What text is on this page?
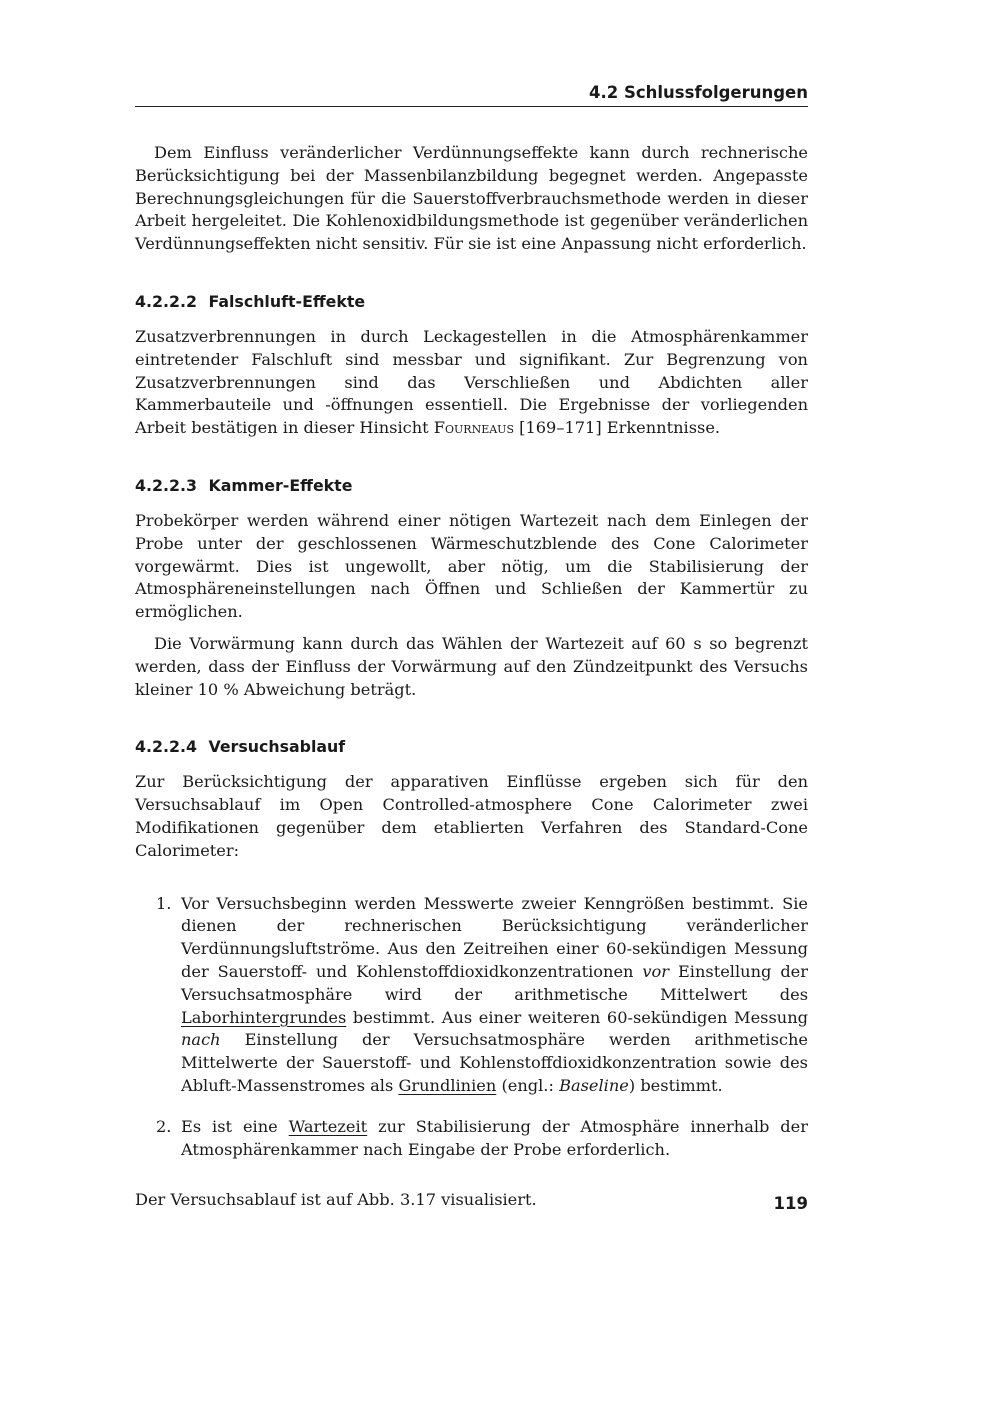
4.2 Schlussfolgerungen

Dem Einfluss veränderlicher Verdünnungseffekte kann durch rechnerische Berücksichtigung bei der Massenbilanzbildung begegnet werden. Angepasste Berechnungsgleichungen für die Sauerstoffverbrauchsmethode werden in dieser Arbeit hergeleitet. Die Kohlenoxidbildungsmethode ist gegenüber veränderlichen Verdünnungseffekten nicht sensitiv. Für sie ist eine Anpassung nicht erforderlich.

4.2.2.2 Falschluft-Effekte

Zusatzverbrennungen in durch Leckagestellen in die Atmosphärenkammer eintretender Falschluft sind messbar und signifikant. Zur Begrenzung von Zusatzverbrennungen sind das Verschließen und Abdichten aller Kammerbauteile und -öffnungen essentiell. Die Ergebnisse der vorliegenden Arbeit bestätigen in dieser Hinsicht Fourneaus [169–171] Erkenntnisse.

4.2.2.3 Kammer-Effekte

Probekörper werden während einer nötigen Wartezeit nach dem Einlegen der Probe unter der geschlossenen Wärmeschutzblende des Cone Calorimeter vorgewärmt. Dies ist ungewollt, aber nötig, um die Stabilisierung der Atmosphäreneinstellungen nach Öffnen und Schließen der Kammertür zu ermöglichen.

Die Vorwärmung kann durch das Wählen der Wartezeit auf 60 s so begrenzt werden, dass der Einfluss der Vorwärmung auf den Zündzeitpunkt des Versuchs kleiner 10 % Abweichung beträgt.

4.2.2.4 Versuchsablauf

Zur Berücksichtigung der apparativen Einflüsse ergeben sich für den Versuchsablauf im Open Controlled-atmosphere Cone Calorimeter zwei Modifikationen gegenüber dem etablierten Verfahren des Standard-Cone Calorimeter:

1. Vor Versuchsbeginn werden Messwerte zweier Kenngrößen bestimmt. Sie dienen der rechnerischen Berücksichtigung veränderlicher Verdünnungsluftströme. Aus den Zeitreihen einer 60-sekündigen Messung der Sauerstoff- und Kohlenstoffdioxidkonzentrationen vor Einstellung der Versuchsatmosphäre wird der arithmetische Mittelwert des Laborhintergrundes bestimmt. Aus einer weiteren 60-sekündigen Messung nach Einstellung der Versuchsatmosphäre werden arithmetische Mittelwerte der Sauerstoff- und Kohlenstoffdioxidkonzentration sowie des Abluft-Massenstromes als Grundlinien (engl.: Baseline) bestimmt.
2. Es ist eine Wartezeit zur Stabilisierung der Atmosphäre innerhalb der Atmosphärenkammer nach Eingabe der Probe erforderlich.

Der Versuchsablauf ist auf Abb. 3.17 visualisiert.	119
